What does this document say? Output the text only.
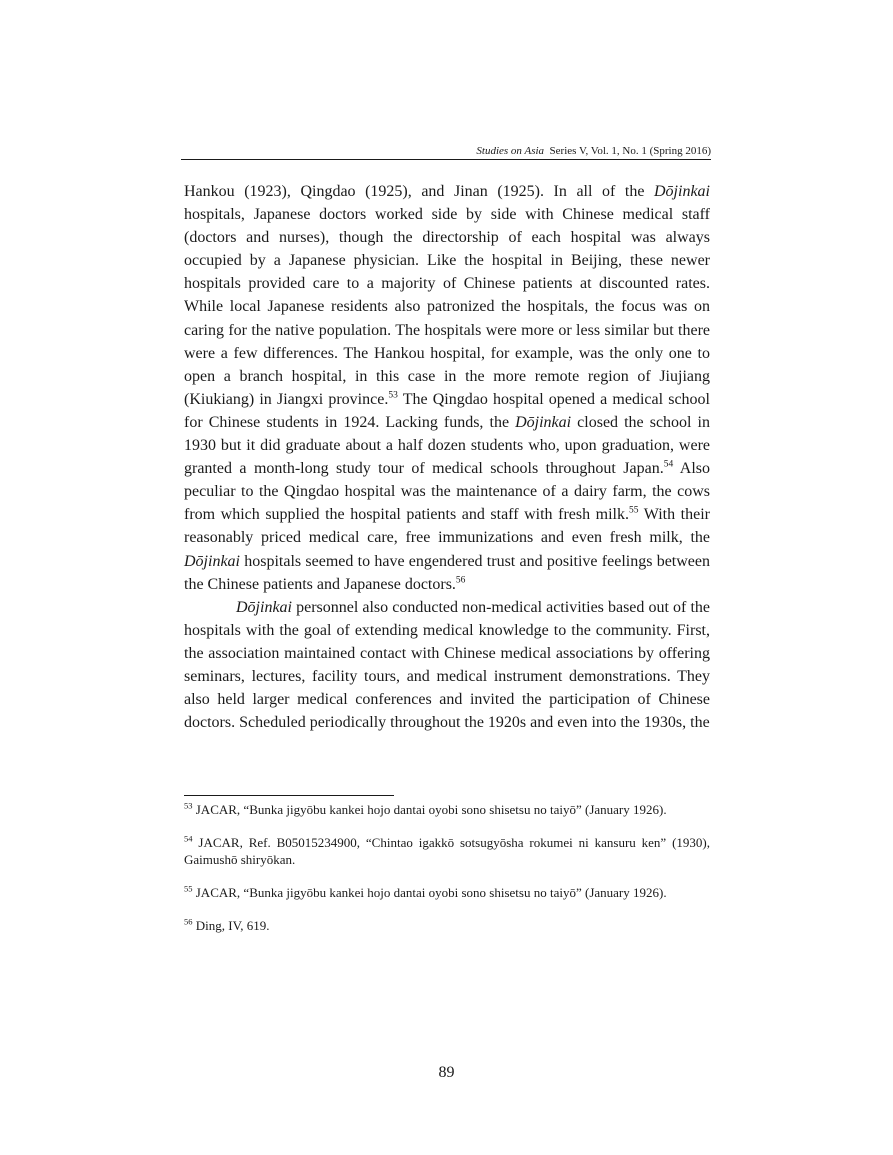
Studies on Asia Series V, Vol. 1, No. 1 (Spring 2016)

Hankou (1923), Qingdao (1925), and Jinan (1925). In all of the Dōjinkai hospitals, Japanese doctors worked side by side with Chinese medical staff (doctors and nurses), though the directorship of each hospital was always occupied by a Japanese physician. Like the hospital in Beijing, these newer hospitals provided care to a majority of Chinese patients at discounted rates. While local Japanese residents also patronized the hospitals, the focus was on caring for the native population. The hospitals were more or less similar but there were a few differences. The Hankou hospital, for example, was the only one to open a branch hospital, in this case in the more remote region of Jiujiang (Kiukiang) in Jiangxi province.$^{53}$ The Qingdao hospital opened a medical school for Chinese students in 1924. Lacking funds, the Dōjinkai closed the school in 1930 but it did graduate about a half dozen students who, upon graduation, were granted a month-long study tour of medical schools throughout Japan.$^{54}$ Also peculiar to the Qingdao hospital was the maintenance of a dairy farm, the cows from which supplied the hospital patients and staff with fresh milk.$^{55}$ With their reasonably priced medical care, free immunizations and even fresh milk, the Dōjinkai hospitals seemed to have engendered trust and positive feelings between the Chinese patients and Japanese doctors.$^{56}$

Dōjinkai personnel also conducted non-medical activities based out of the hospitals with the goal of extending medical knowledge to the community. First, the association maintained contact with Chinese medical associations by offering seminars, lectures, facility tours, and medical instrument demonstrations. They also held larger medical conferences and invited the participation of Chinese doctors. Scheduled periodically throughout the 1920s and even into the 1930s, the

$^{53}$ JACAR, “Bunka jigyōbu kankei hojo dantai oyobi sono shisetsu no taiyō” (January 1926).

$^{54}$ JACAR, Ref. B05015234900, “Chintao igakkō sotsugyōsha rokumei ni kansuru ken” (1930), Gaimushō shiryōkan.

$^{55}$ JACAR, “Bunka jigyōbu kankei hojo dantai oyobi sono shisetsu no taiyō” (January 1926).

$^{56}$ Ding, IV, 619.

89
